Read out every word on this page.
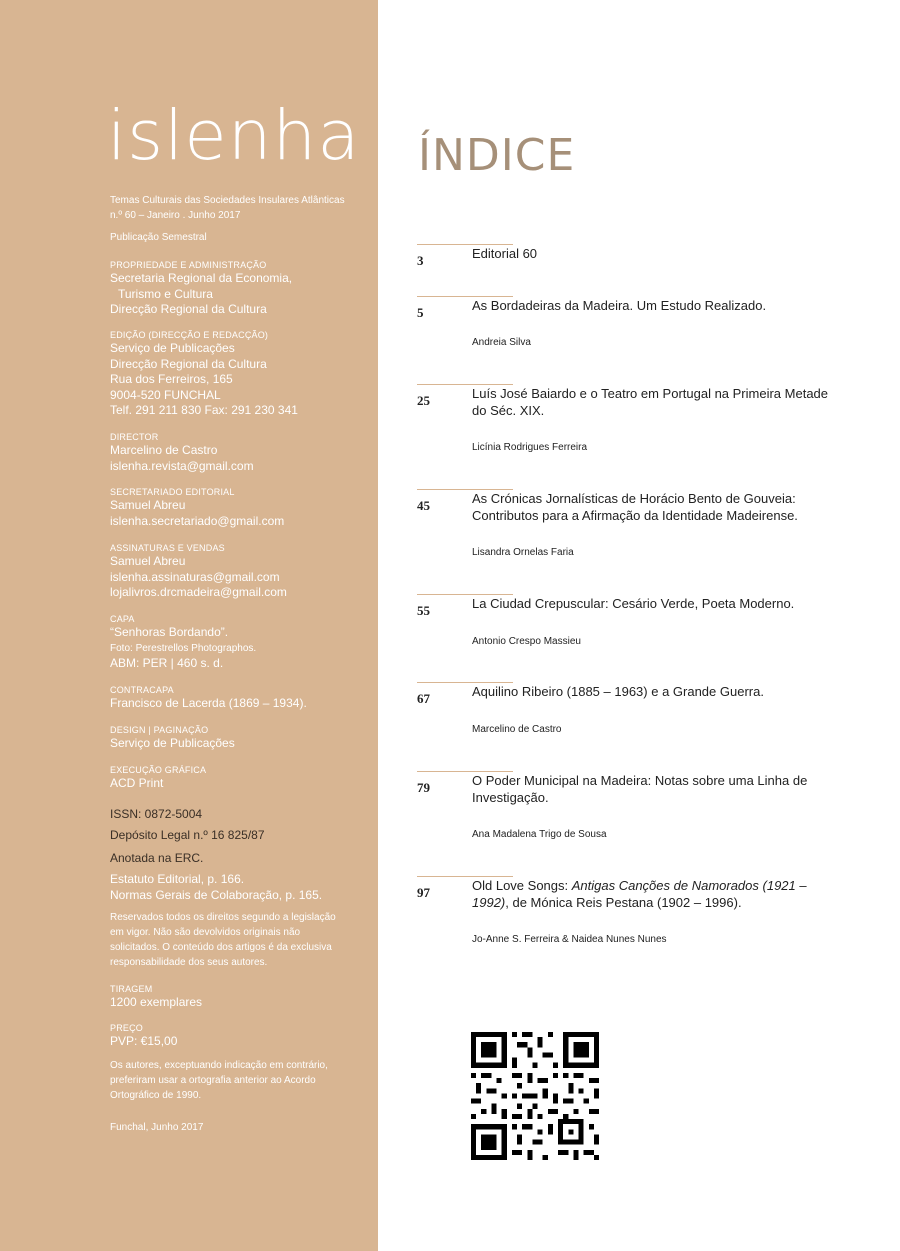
islenha
Temas Culturais das Sociedades Insulares Atlânticas
n.º 60 – Janeiro . Junho 2017
Publicação Semestral
PROPRIEDADE E ADMINISTRAÇÃO
Secretaria Regional da Economia,
Turismo e Cultura
Direcção Regional da Cultura
EDIÇÃO (DIRECÇÃO E REDACÇÃO)
Serviço de Publicações
Direcção Regional da Cultura
Rua dos Ferreiros, 165
9004-520 FUNCHAL
Telf. 291 211 830 Fax: 291 230 341
DIRECTOR
Marcelino de Castro
islenha.revista@gmail.com
SECRETARIADO EDITORIAL
Samuel Abreu
islenha.secretariado@gmail.com
ASSINATURAS E VENDAS
Samuel Abreu
islenha.assinaturas@gmail.com
lojalivros.drcmadeira@gmail.com
CAPA
“Senhoras Bordando”.
Foto: Perestrellos Photographos.
ABM: PER | 460 s. d.
CONTRACAPA
Francisco de Lacerda (1869 – 1934).
DESIGN | PAGINAÇÃO
Serviço de Publicações
EXECUÇÃO GRÁFICA
ACD Print
ISSN: 0872-5004
Depósito Legal n.º 16 825/87
Anotada na ERC.
Estatuto Editorial, p. 166.
Normas Gerais de Colaboração, p. 165.
Reservados todos os direitos segundo a legislação
em vigor. Não são devolvidos originais não
solicitados. O conteúdo dos artigos é da exclusiva
responsabilidade dos seus autores.
TIRAGEM
1200 exemplares
PREÇO
PVP: €15,00
Os autores, exceptuando indicação em contrário,
preferiram usar a ortografia anterior ao Acordo
Ortográfico de 1990.
Funchal, Junho 2017
ÍNDICE
3	Editorial 60
5	As Bordadeiras da Madeira. Um Estudo Realizado.
Andreia Silva
25	Luís José Baiardo e o Teatro em Portugal na Primeira Metade do Séc. XIX.
Licínia Rodrigues Ferreira
45	As Crónicas Jornalísticas de Horácio Bento de Gouveia: Contributos para a Afirmação da Identidade Madeirense.
Lisandra Ornelas Faria
55	La Ciudad Crepuscular: Cesário Verde, Poeta Moderno.
Antonio Crespo Massieu
67	Aquilino Ribeiro (1885 – 1963) e a Grande Guerra.
Marcelino de Castro
79	O Poder Municipal na Madeira: Notas sobre uma Linha de Investigação.
Ana Madalena Trigo de Sousa
97	Old Love Songs: Antigas Canções de Namorados (1921 – 1992), de Mónica Reis Pestana (1902 – 1996).
Jo-Anne S. Ferreira & Naidea Nunes Nunes
